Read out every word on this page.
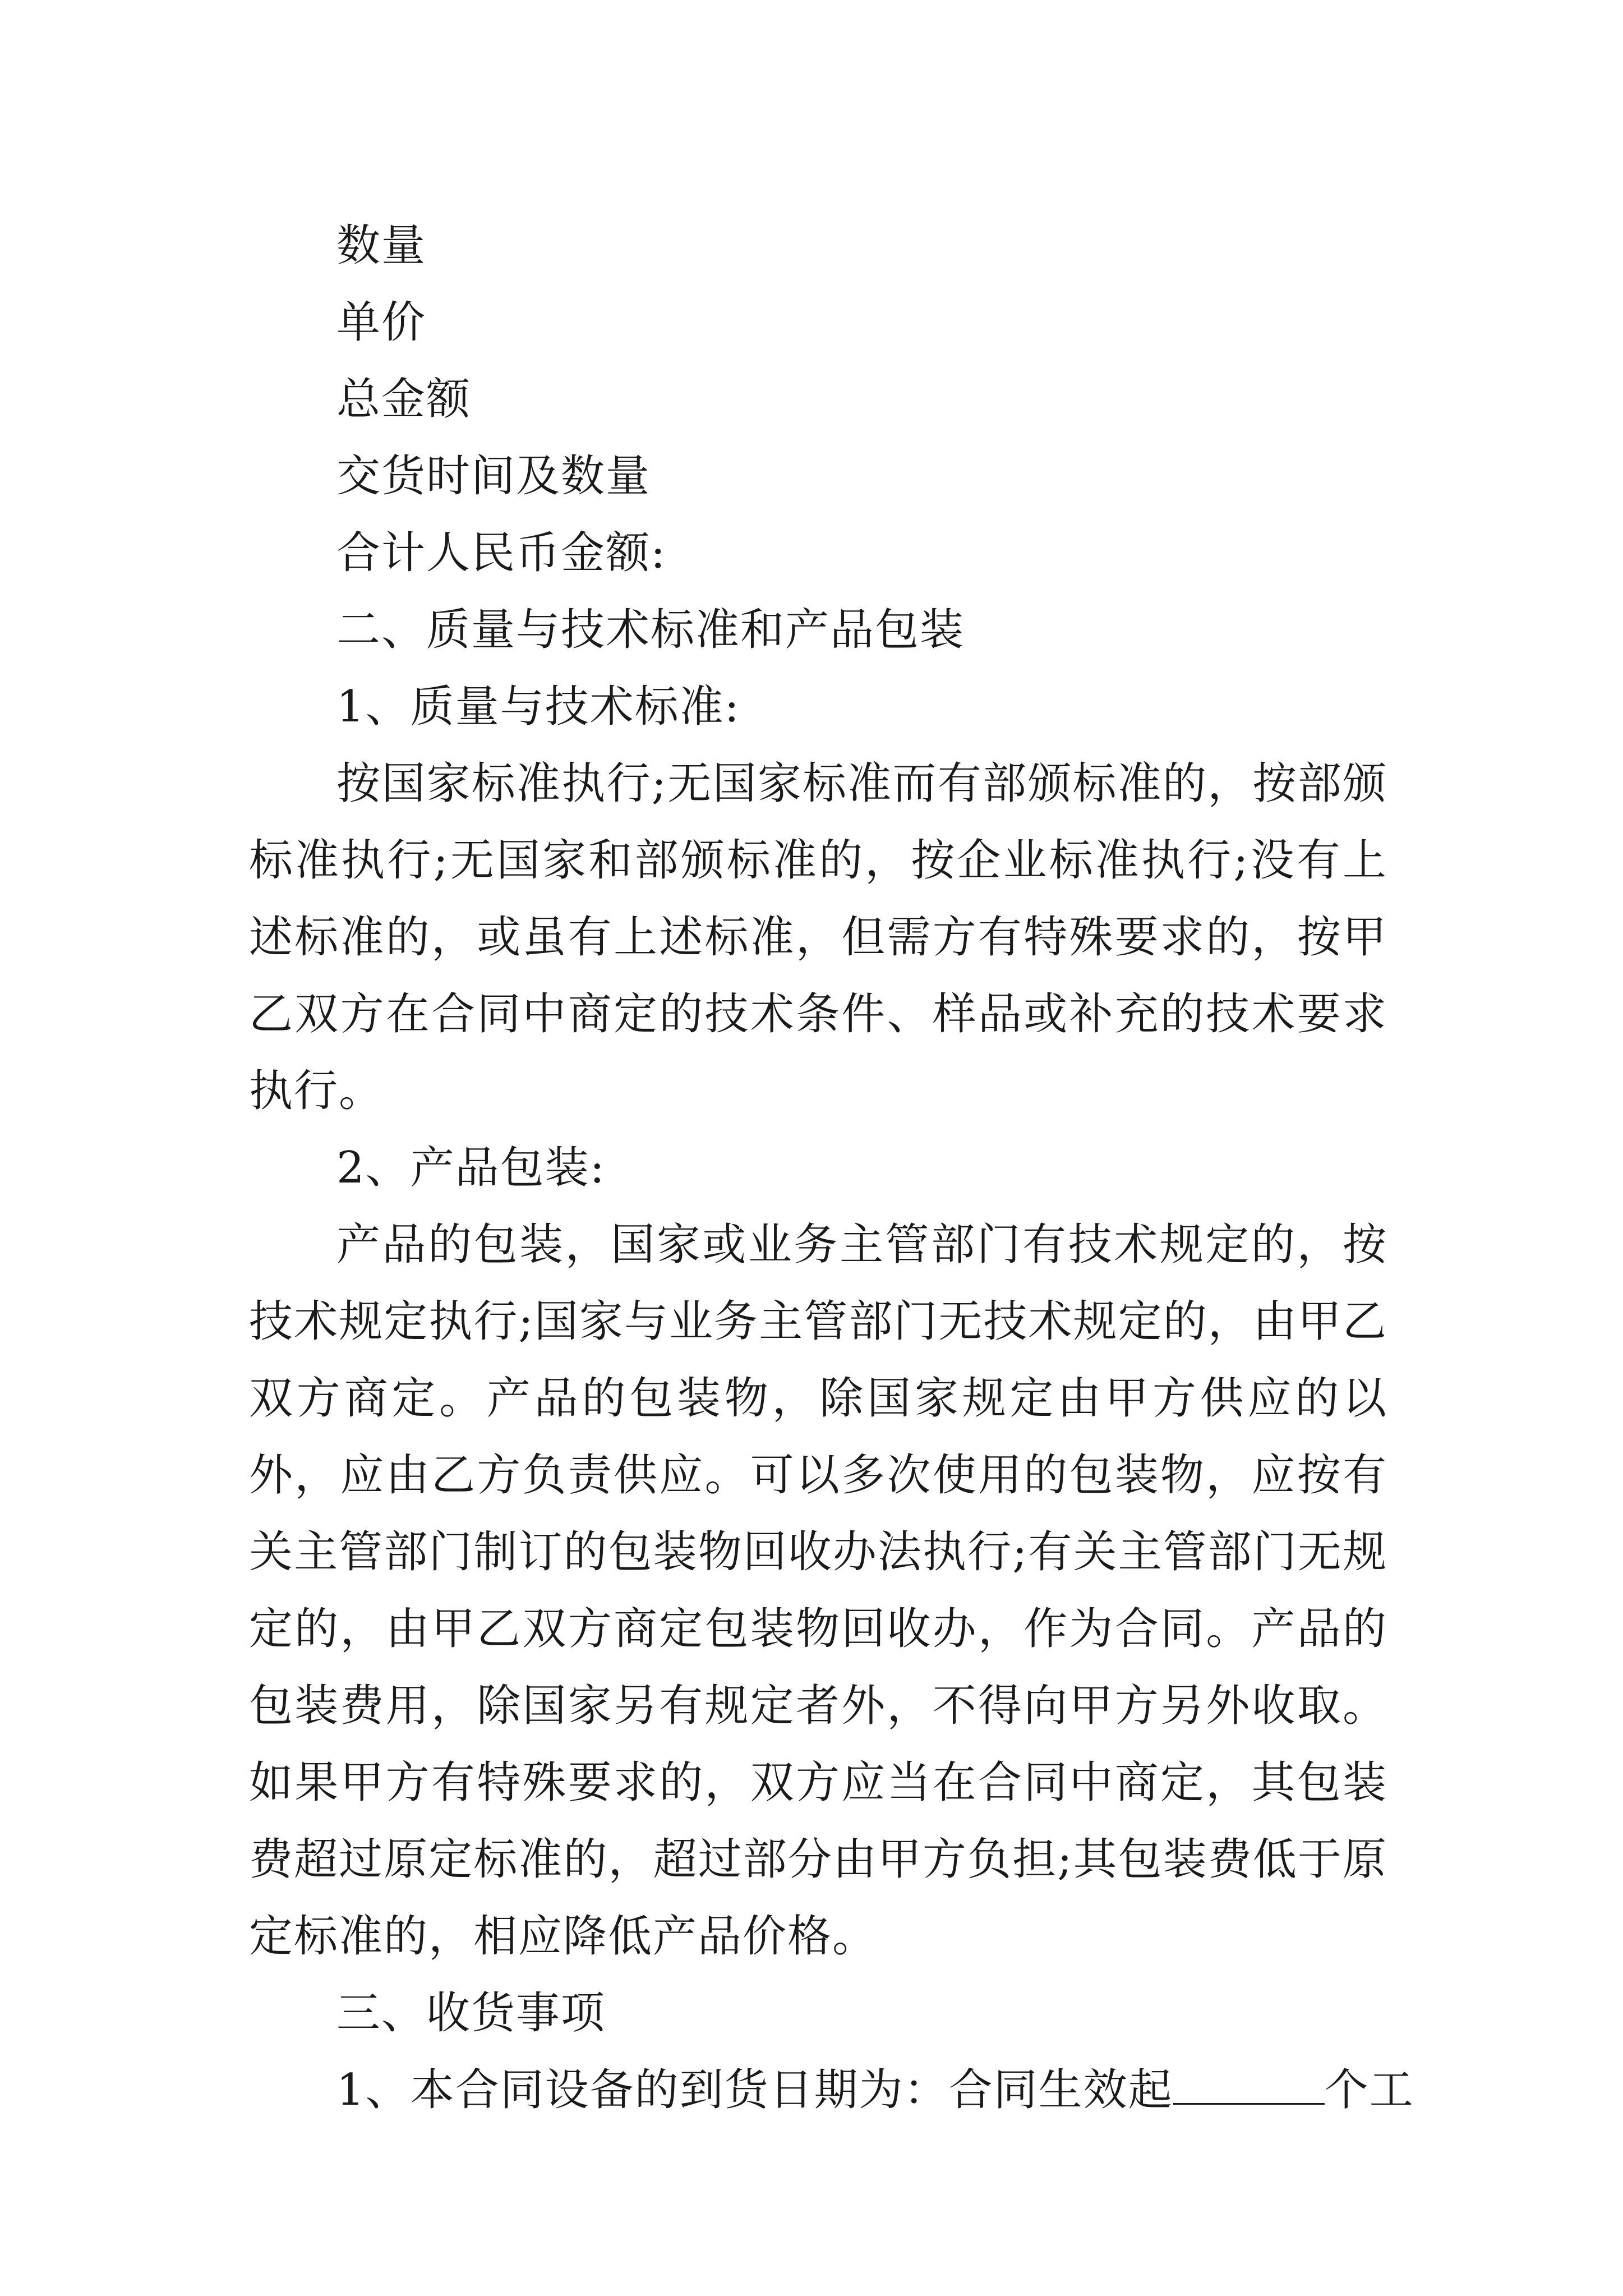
数量
单价
总金额
交货时间及数量
合计人民币金额:
二、质量与技术标准和产品包装
1、质量与技术标准:
按国家标准执行;无国家标准而有部颁标准的，按部颁标准执行;无国家和部颁标准的，按企业标准执行;没有上述标准的，或虽有上述标准，但需方有特殊要求的，按甲乙双方在合同中商定的技术条件、样品或补充的技术要求执行。
2、产品包装:
产品的包装，国家或业务主管部门有技术规定的，按技术规定执行;国家与业务主管部门无技术规定的，由甲乙双方商定。产品的包装物，除国家规定由甲方供应的以外，应由乙方负责供应。可以多次使用的包装物，应按有关主管部门制订的包装物回收办法执行;有关主管部门无规定的，由甲乙双方商定包装物回收办，作为合同。产品的包装费用，除国家另有规定者外，不得向甲方另外收取。如果甲方有特殊要求的，双方应当在合同中商定，其包装费超过原定标准的，超过部分由甲方负担;其包装费低于原定标准的，相应降低产品价格。
三、收货事项
1、本合同设备的到货日期为：合同生效起	个工
